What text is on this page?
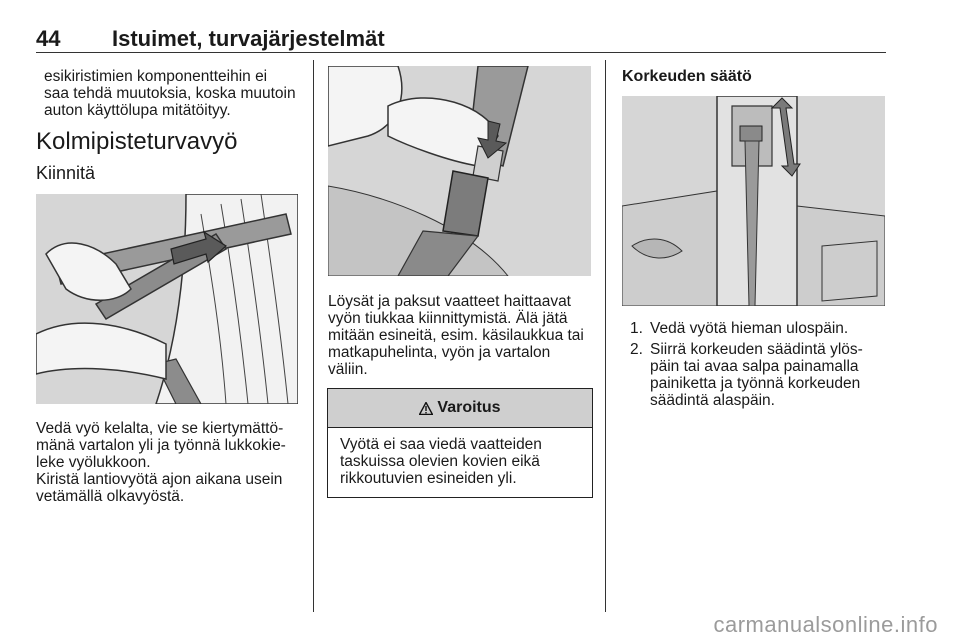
44 Istuimet, turvajärjestelmät

esikiristimien komponentteihin ei

saa tehdä muutoksia, koska muutoin

auton käyttölupa mitätöityy.

Kolmipisteturvavyö
Kiinnitä

Vedä vyö kelalta, vie se kiertymättö-

mänä vartalon yli ja työnnä lukkokie-

leke vyölukkoon.

Kiristä lantiovyötä ajon aikana usein

vetämällä olkavyöstä.

Löysät ja paksut vaatteet haittaavat

vyön tiukkaa kiinnittymistä. Älä jätä

mitään esineitä, esim. käsilaukkua tai

matkapuhelinta, vyön ja vartalon

väliin.

Varoitus

Vyötä ei saa viedä vaatteiden

taskuissa olevien kovien eikä

rikkoutuvien esineiden yli.

Korkeuden säätö
1. Vedä vyötä hieman ulospäin.
2. Siirrä korkeuden säädintä ylös-
päin tai avaa salpa painamalla
painiketta ja työnnä korkeuden
säädintä alaspäin.
carmanualsonline.info
